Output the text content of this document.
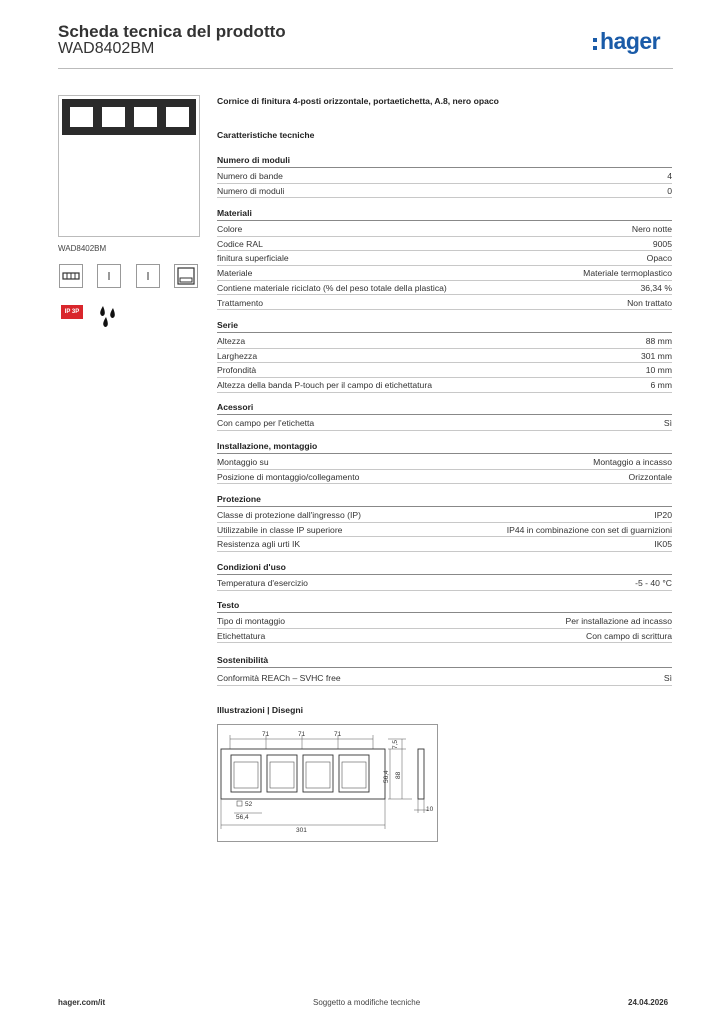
Scheda tecnica del prodotto
WAD8402BM	hager
WAD8402BM
IP 3P
Cornice di finitura 4-posti orizzontale, portaetichetta, A.8, nero opaco
Caratteristiche tecniche
Numero di moduli
Numero di bande	4
Numero di moduli	0
Materiali
Colore	Nero notte
Codice RAL	9005
finitura superficiale	Opaco
Materiale	Materiale termoplastico
Contiene materiale riciclato (% del peso totale della plastica)	36,34 %
Trattamento	Non trattato
Serie
Altezza	88 mm
Larghezza	301 mm
Profondità	10 mm
Altezza della banda P-touch per il campo di etichettatura	6 mm
Acessori
Con campo per l'etichetta	Sì
Installazione, montaggio
Montaggio su	Montaggio a incasso
Posizione di montaggio/collegamento	Orizzontale
Protezione
Classe di protezione dall'ingresso (IP)	IP20
Utilizzabile in classe IP superiore	IP44 in combinazione con set di guarnizioni
Resistenza agli urti IK	IK05
Condizioni d'uso
Temperatura d'esercizio	-5 - 40 °C
Testo
Tipo di montaggio	Per installazione ad incasso
Etichettatura	Con campo di scrittura
Sostenibilità
Conformità REACh – SVHC free	Sì
Illustrazioni | Disegni
71	71	71
7,5
56,4 88
10
52
56,4
301
hager.com/it	Soggetto a modifiche tecniche	24.04.2026
